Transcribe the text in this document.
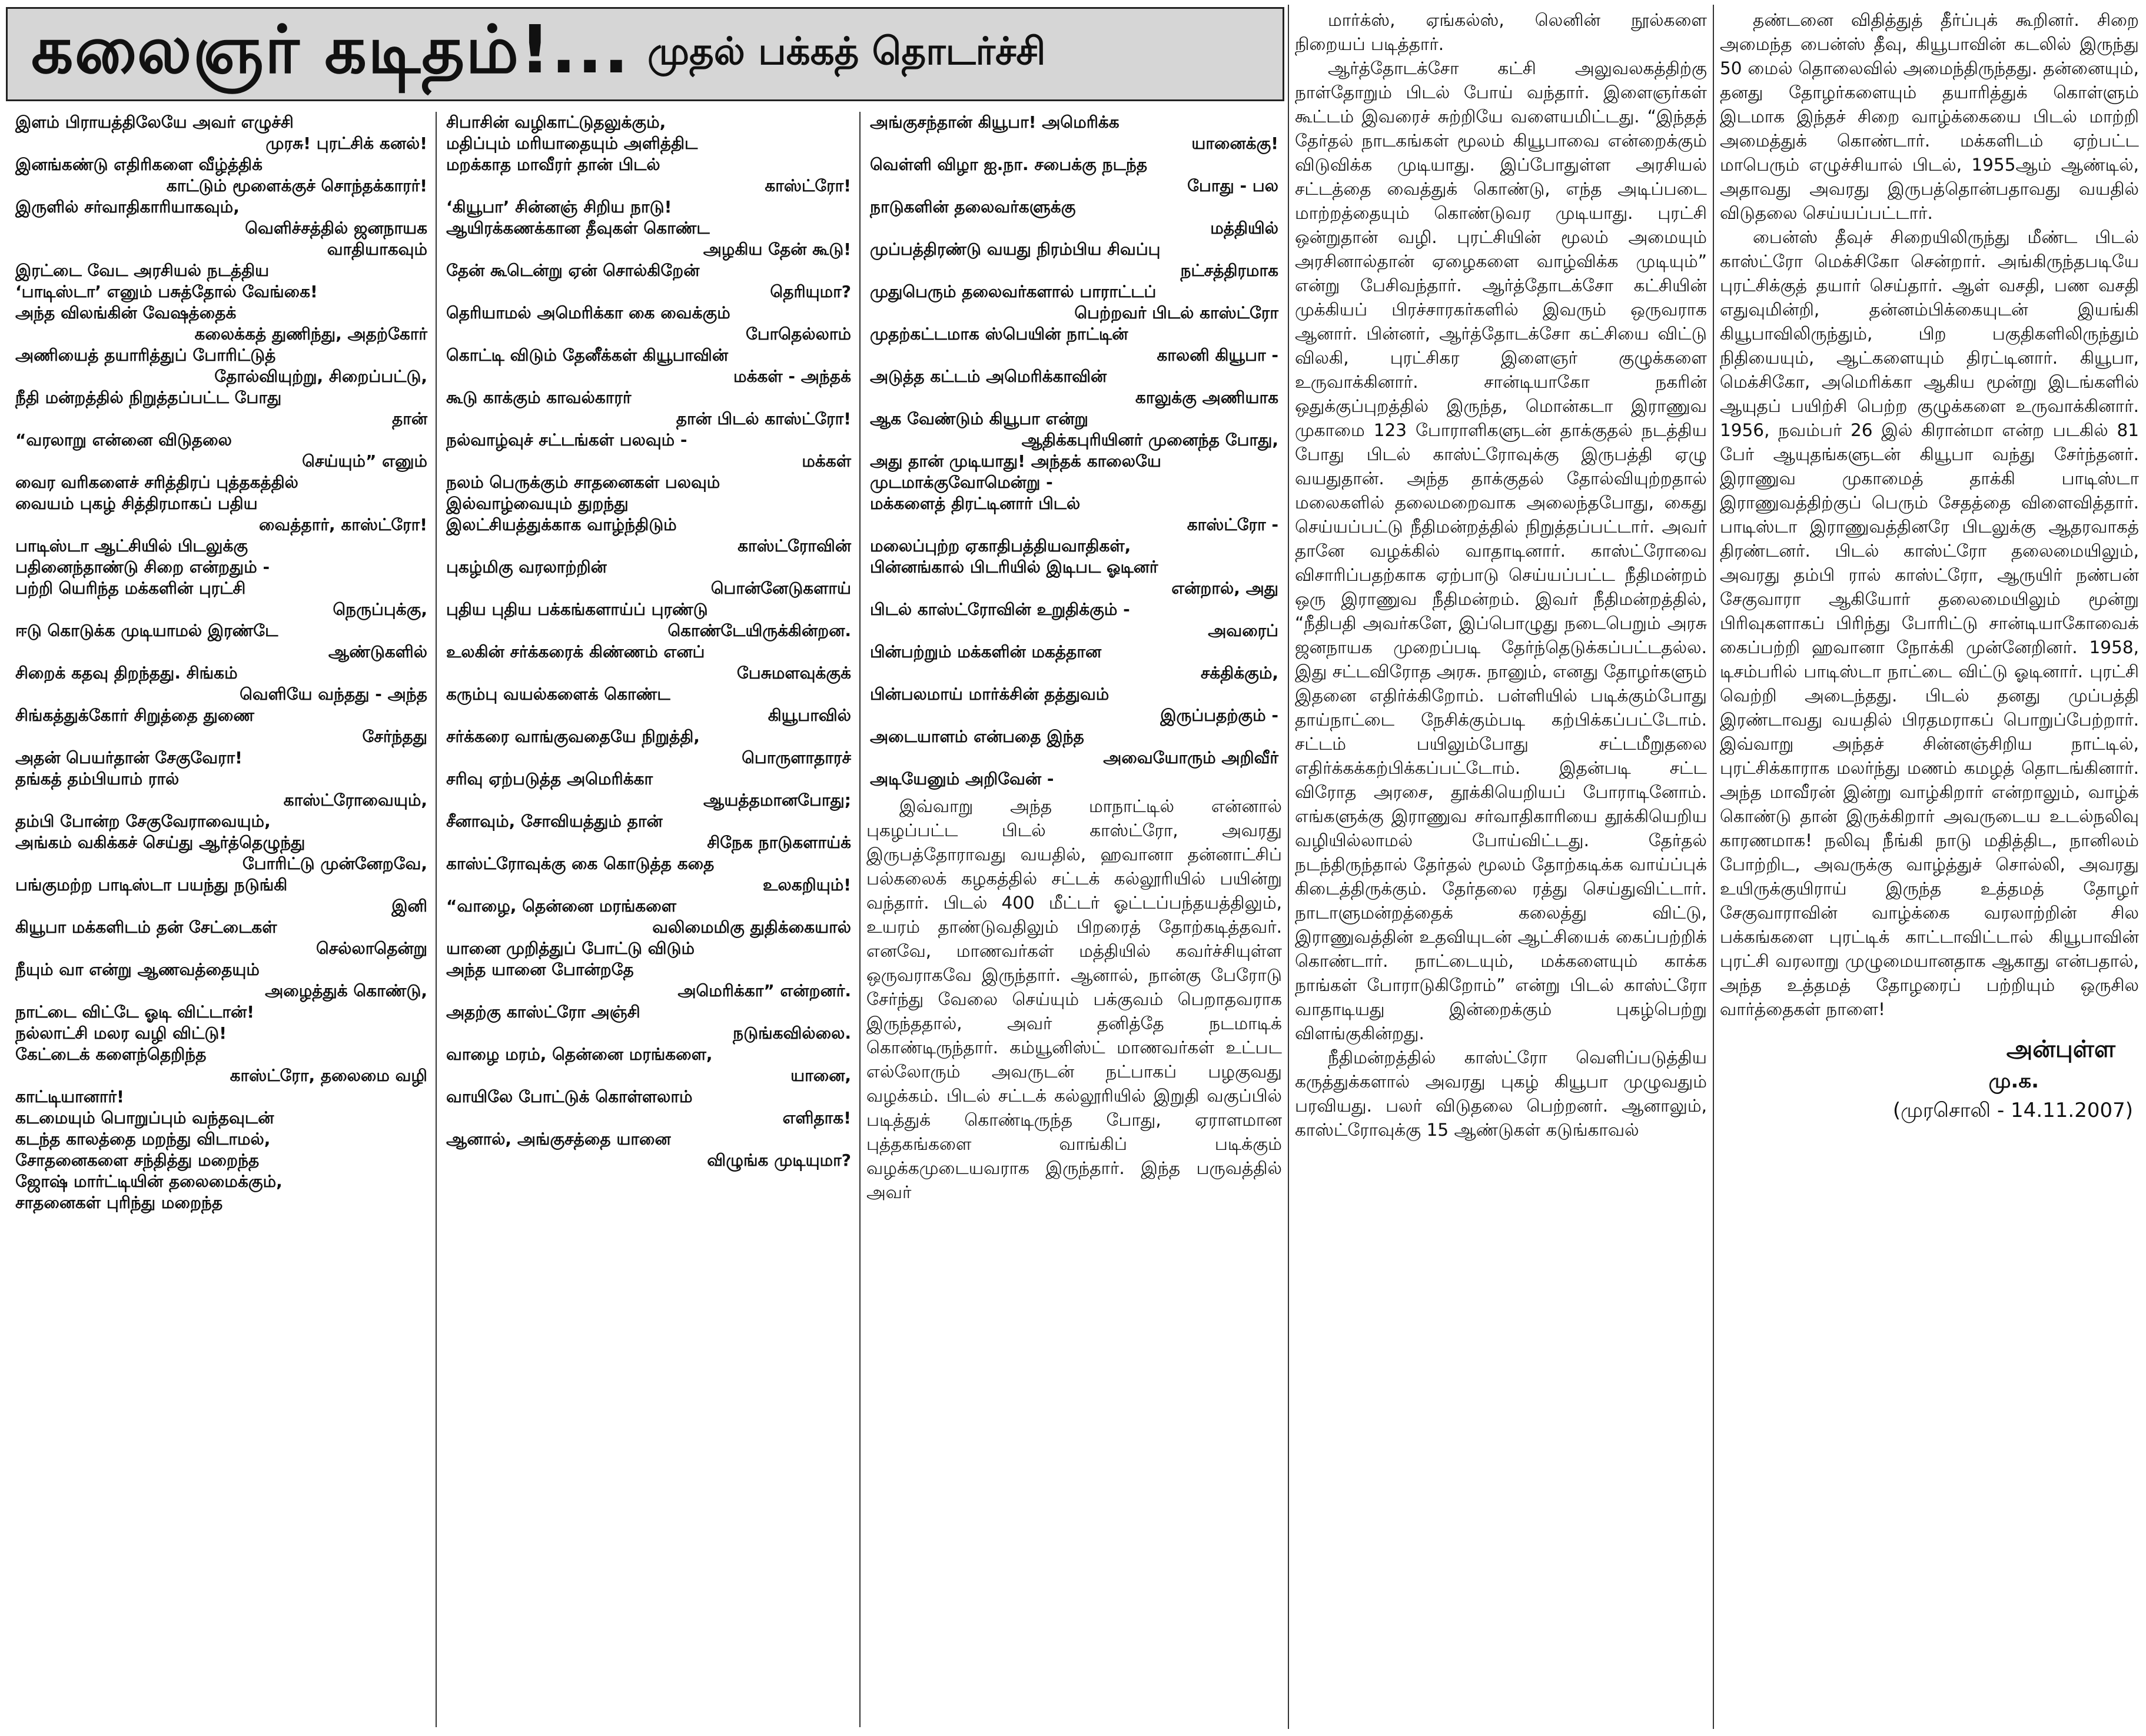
கலைஞர் கடிதம்!... முதல் பக்கத் தொடர்ச்சி

இளம் பிராயத்திலேயே அவர் எழுச்சி

முரசு! புரட்சிக் கனல்!

இனங்கண்டு எதிரிகளை வீழ்த்திக்

காட்டும் மூளைக்குச் சொந்தக்காரர்!

இருளில் சர்வாதிகாரியாகவும்,

வெளிச்சத்தில் ஜனநாயக

வாதியாகவும்

இரட்டை வேட அரசியல் நடத்திய

‘பாடிஸ்டா’ எனும் பசுத்தோல் வேங்கை!

அந்த விலங்கின் வேஷத்தைக்

கலைக்கத் துணிந்து, அதற்கோர்

அணியைத் தயாரித்துப் போரிட்டுத்

தோல்வியுற்று, சிறைப்பட்டு,

நீதி மன்றத்தில் நிறுத்தப்பட்ட போது

தான்

“வரலாறு என்னை விடுதலை

செய்யும்” எனும்

வைர வரிகளைச் சரித்திரப் புத்தகத்தில்

வையம் புகழ் சித்திரமாகப் பதிய

வைத்தார், காஸ்ட்ரோ!

பாடிஸ்டா ஆட்சியில் பிடலுக்கு

பதினைந்தாண்டு சிறை என்றதும் -

பற்றி யெரிந்த மக்களின் புரட்சி

நெருப்புக்கு,

ஈடு கொடுக்க முடியாமல் இரண்டே

ஆண்டுகளில்

சிறைக் கதவு திறந்தது. சிங்கம்

வெளியே வந்தது - அந்த

சிங்கத்துக்கோர் சிறுத்தை துணை

சேர்ந்தது

அதன் பெயர்தான் சேகுவேரா!

தங்கத் தம்பியாம் ரால்

காஸ்ட்ரோவையும்,

தம்பி போன்ற சேகுவேராவையும்,

அங்கம் வகிக்கச் செய்து ஆர்த்தெழுந்து

போரிட்டு முன்னேறவே,

பங்குமற்ற பாடிஸ்டா பயந்து நடுங்கி

இனி

கியூபா மக்களிடம் தன் சேட்டைகள்

செல்லாதென்று

நீயும் வா என்று ஆணவத்தையும்

அழைத்துக் கொண்டு,

நாட்டை விட்டே ஓடி விட்டான்!

நல்லாட்சி மலர வழி விட்டு!

கேட்டைக் களைந்தெறிந்த

காஸ்ட்ரோ, தலைமை வழி

காட்டியானார்!

கடமையும் பொறுப்பும் வந்தவுடன்

கடந்த காலத்தை மறந்து விடாமல்,

சோதனைகளை சந்தித்து மறைந்த

ஜோஷ் மார்ட்டியின் தலைமைக்கும்,

சாதனைகள் புரிந்து மறைந்த

சிபாசின் வழிகாட்டுதலுக்கும்,

மதிப்பும் மரியாதையும் அளித்திட

மறக்காத மாவீரர் தான் பிடல்

காஸ்ட்ரோ!

‘கியூபா’ சின்னஞ் சிறிய நாடு!

ஆயிரக்கணக்கான தீவுகள் கொண்ட

அழகிய தேன் கூடு!

தேன் கூடென்று ஏன் சொல்கிறேன்

தெரியுமா?

தெரியாமல் அமெரிக்கா கை வைக்கும்

போதெல்லாம்

கொட்டி விடும் தேனீக்கள் கியூபாவின்

மக்கள் - அந்தக்

கூடு காக்கும் காவல்காரர்

தான் பிடல் காஸ்ட்ரோ!

நல்வாழ்வுச் சட்டங்கள் பலவும் -

மக்கள்

நலம் பெருக்கும் சாதனைகள் பலவும்

இல்வாழ்வையும் துறந்து

இலட்சியத்துக்காக வாழ்ந்திடும்

காஸ்ட்ரோவின்

புகழ்மிகு வரலாற்றின்

பொன்னேடுகளாய்

புதிய புதிய பக்கங்களாய்ப் புரண்டு

கொண்டேயிருக்கின்றன.

உலகின் சர்க்கரைக் கிண்ணம் எனப்

பேசுமளவுக்குக்

கரும்பு வயல்களைக் கொண்ட

கியூபாவில்

சர்க்கரை வாங்குவதையே நிறுத்தி,

பொருளாதாரச்

சரிவு ஏற்படுத்த அமெரிக்கா

ஆயத்தமானபோது;

சீனாவும், சோவியத்தும் தான்

சிநேக நாடுகளாய்க்

காஸ்ட்ரோவுக்கு கை கொடுத்த கதை

உலகறியும்!

“வாழை, தென்னை மரங்களை

வலிமைமிகு துதிக்கையால்

யானை முறித்துப் போட்டு விடும்

அந்த யானை போன்றதே

அமெரிக்கா” என்றனர்.

அதற்கு காஸ்ட்ரோ அஞ்சி

நடுங்கவில்லை.

வாழை மரம், தென்னை மரங்களை,

யானை,

வாயிலே போட்டுக் கொள்ளலாம்

எளிதாக!

ஆனால், அங்குசத்தை யானை

விழுங்க முடியுமா?

அங்குசந்தான் கியூபா! அமெரிக்க

யானைக்கு!

வெள்ளி விழா ஐ.நா. சபைக்கு நடந்த

போது - பல

நாடுகளின் தலைவர்களுக்கு

மத்தியில்

முப்பத்திரண்டு வயது நிரம்பிய சிவப்பு

நட்சத்திரமாக

முதுபெரும் தலைவர்களால் பாராட்டப்

பெற்றவர் பிடல் காஸ்ட்ரோ

முதற்கட்டமாக ஸ்பெயின் நாட்டின்

காலனி கியூபா -

அடுத்த கட்டம் அமெரிக்காவின்

காலுக்கு அணியாக

ஆக வேண்டும் கியூபா என்று

ஆதிக்கபுரியினர் முனைந்த போது,

அது தான் முடியாது! அந்தக் காலையே

முடமாக்குவோமென்று -

மக்களைத் திரட்டினார் பிடல்

காஸ்ட்ரோ -

மலைப்புற்ற ஏகாதிபத்தியவாதிகள்,

பின்னங்கால் பிடரியில் இடிபட ஓடினர்

என்றால், அது

பிடல் காஸ்ட்ரோவின் உறுதிக்கும் -

அவரைப்

பின்பற்றும் மக்களின் மகத்தான

சக்திக்கும்,

பின்பலமாய் மார்க்சின் தத்துவம்

இருப்பதற்கும் -

அடையாளம் என்பதை இந்த

அவையோரும் அறிவீர்

அடியேனும் அறிவேன் -

இவ்வாறு அந்த மாநாட்டில் என்னால் புகழப்பட்ட பிடல் காஸ்ட்ரோ, அவரது இருபத்தோராவது வயதில், ஹவானா தன்னாட்சிப் பல்கலைக் கழகத்தில் சட்டக் கல்லூரியில் பயின்று வந்தார். பிடல் 400 மீட்டர் ஓட்டப்பந்தயத்திலும், உயரம் தாண்டுவதிலும் பிறரைத் தோற்கடித்தவர். எனவே, மாணவர்கள் மத்தியில் கவர்ச்சியுள்ள ஒருவராகவே இருந்தார். ஆனால், நான்கு பேரோடு சேர்ந்து வேலை செய்யும் பக்குவம் பெறாதவராக இருந்ததால், அவர் தனித்தே நடமாடிக் கொண்டிருந்தார். கம்யூனிஸ்ட் மாணவர்கள் உட்பட எல்லோரும் அவருடன் நட்பாகப் பழகுவது வழக்கம். பிடல் சட்டக் கல்லூரியில் இறுதி வகுப்பில் படித்துக் கொண்டிருந்த போது, ஏராளமான புத்தகங்களை வாங்கிப் படிக்கும் வழக்கமுடையவராக இருந்தார். இந்த பருவத்தில் அவர்

மார்க்ஸ், ஏங்கல்ஸ், லெனின் நூல்களை நிறையப் படித்தார்.

ஆர்த்தோடக்சோ கட்சி அலுவலகத்திற்கு நாள்தோறும் பிடல் போய் வந்தார். இளைஞர்கள் கூட்டம் இவரைச் சுற்றியே வளையமிட்டது. “இந்தத் தேர்தல் நாடகங்கள் மூலம் கியூபாவை என்றைக்கும் விடுவிக்க முடியாது. இப்போதுள்ள அரசியல் சட்டத்தை வைத்துக் கொண்டு, எந்த அடிப்படை மாற்றத்தையும் கொண்டுவர முடியாது. புரட்சி ஒன்றுதான் வழி. புரட்சியின் மூலம் அமையும் அரசினால்தான் ஏழைகளை வாழ்விக்க முடியும்” என்று பேசிவந்தார். ஆர்த்தோடக்சோ கட்சியின் முக்கியப் பிரச்சாரகர்களில் இவரும் ஒருவராக ஆனார். பின்னர், ஆர்த்தோடக்சோ கட்சியை விட்டு விலகி, புரட்சிகர இளைஞர் குழுக்களை உருவாக்கினார். சான்டியாகோ நகரின் ஒதுக்குப்புறத்தில் இருந்த, மொன்கடா இராணுவ முகாமை 123 போராளிகளுடன் தாக்குதல் நடத்திய போது பிடல் காஸ்ட்ரோவுக்கு இருபத்தி ஏழு வயதுதான். அந்த தாக்குதல் தோல்வியுற்றதால் மலைகளில் தலைமறைவாக அலைந்தபோது, கைது செய்யப்பட்டு நீதிமன்றத்தில் நிறுத்தப்பட்டார். அவர் தானே வழக்கில் வாதாடினார். காஸ்ட்ரோவை விசாரிப்பதற்காக ஏற்பாடு செய்யப்பட்ட நீதிமன்றம் ஒரு இராணுவ நீதிமன்றம். இவர் நீதிமன்றத்தில், “நீதிபதி அவர்களே, இப்பொழுது நடைபெறும் அரசு ஜனநாயக முறைப்படி தேர்ந்தெடுக்கப்பட்டதல்ல. இது சட்டவிரோத அரசு. நானும், எனது தோழர்களும் இதனை எதிர்க்கிறோம். பள்ளியில் படிக்கும்போது தாய்நாட்டை நேசிக்கும்படி கற்பிக்கப்பட்டோம். சட்டம் பயிலும்போது சட்டமீறுதலை எதிர்க்கக்கற்பிக்கப்பட்டோம். இதன்படி சட்ட விரோத அரசை, தூக்கியெறியப் போராடினோம். எங்களுக்கு இராணுவ சர்வாதிகாரியை தூக்கியெறிய வழியில்லாமல் போய்விட்டது. தேர்தல் நடந்திருந்தால் தேர்தல் மூலம் தோற்கடிக்க வாய்ப்புக் கிடைத்திருக்கும். தேர்தலை ரத்து செய்துவிட்டார். நாடாளுமன்றத்தைக் கலைத்து விட்டு, இராணுவத்தின் உதவியுடன் ஆட்சியைக் கைப்பற்றிக் கொண்டார். நாட்டையும், மக்களையும் காக்க நாங்கள் போராடுகிறோம்” என்று பிடல் காஸ்ட்ரோ வாதாடியது இன்றைக்கும் புகழ்பெற்று விளங்குகின்றது.

நீதிமன்றத்தில் காஸ்ட்ரோ வெளிப்படுத்திய கருத்துக்களால் அவரது புகழ் கியூபா முழுவதும் பரவியது. பலர் விடுதலை பெற்றனர். ஆனாலும், காஸ்ட்ரோவுக்கு 15 ஆண்டுகள் கடுங்காவல்

தண்டனை விதித்துத் தீர்ப்புக் கூறினர். சிறை அமைந்த பைன்ஸ் தீவு, கியூபாவின் கடலில் இருந்து 50 மைல் தொலைவில் அமைந்திருந்தது. தன்னையும், தனது தோழர்களையும் தயாரித்துக் கொள்ளும் இடமாக இந்தச் சிறை வாழ்க்கையை பிடல் மாற்றி அமைத்துக் கொண்டார். மக்களிடம் ஏற்பட்ட மாபெரும் எழுச்சியால் பிடல், 1955ஆம் ஆண்டில், அதாவது அவரது இருபத்தொன்பதாவது வயதில் விடுதலை செய்யப்பட்டார்.

பைன்ஸ் தீவுச் சிறையிலிருந்து மீண்ட பிடல் காஸ்ட்ரோ மெக்சிகோ சென்றார். அங்கிருந்தபடியே புரட்சிக்குத் தயார் செய்தார். ஆள் வசதி, பண வசதி எதுவுமின்றி, தன்னம்பிக்கையுடன் இயங்கி கியூபாவிலிருந்தும், பிற பகுதிகளிலிருந்தும் நிதியையும், ஆட்களையும் திரட்டினார். கியூபா, மெக்சிகோ, அமெரிக்கா ஆகிய மூன்று இடங்களில் ஆயுதப் பயிற்சி பெற்ற குழுக்களை உருவாக்கினார். 1956, நவம்பர் 26 இல் கிரான்மா என்ற படகில் 81 பேர் ஆயுதங்களுடன் கியூபா வந்து சேர்ந்தனர். இராணுவ முகாமைத் தாக்கி பாடிஸ்டா இராணுவத்திற்குப் பெரும் சேதத்தை விளைவித்தார். பாடிஸ்டா இராணுவத்தினரே பிடலுக்கு ஆதரவாகத் திரண்டனர். பிடல் காஸ்ட்ரோ தலைமையிலும், அவரது தம்பி ரால் காஸ்ட்ரோ, ஆருயிர் நண்பன் சேகுவாரா ஆகியோர் தலைமையிலும் மூன்று பிரிவுகளாகப் பிரிந்து போரிட்டு சான்டியாகோவைக் கைப்பற்றி ஹவானா நோக்கி முன்னேறினர். 1958, டிசம்பரில் பாடிஸ்டா நாட்டை விட்டு ஓடினார். புரட்சி வெற்றி அடைந்தது. பிடல் தனது முப்பத்தி இரண்டாவது வயதில் பிரதமராகப் பொறுப்பேற்றார். இவ்வாறு அந்தச் சின்னஞ்சிறிய நாட்டில், புரட்சிக்காராக மலர்ந்து மணம் கமழத் தொடங்கினார். அந்த மாவீரன் இன்று வாழ்கிறார் என்றாலும், வாழ்க் கொண்டு தான் இருக்கிறார் அவருடைய உடல்நலிவு காரணமாக! நலிவு நீங்கி நாடு மதித்திட, நானிலம் போற்றிட, அவருக்கு வாழ்த்துச் சொல்லி, அவரது உயிருக்குயிராய் இருந்த உத்தமத் தோழர் சேகுவாராவின் வாழ்க்கை வரலாற்றின் சில பக்கங்களை புரட்டிக் காட்டாவிட்டால் கியூபாவின் புரட்சி வரலாறு முழுமையானதாக ஆகாது என்பதால், அந்த உத்தமத் தோழரைப் பற்றியும் ஒருசில வார்த்தைகள் நாளை!

அன்புள்ள
மு.க.
(முரசொலி - 14.11.2007)
